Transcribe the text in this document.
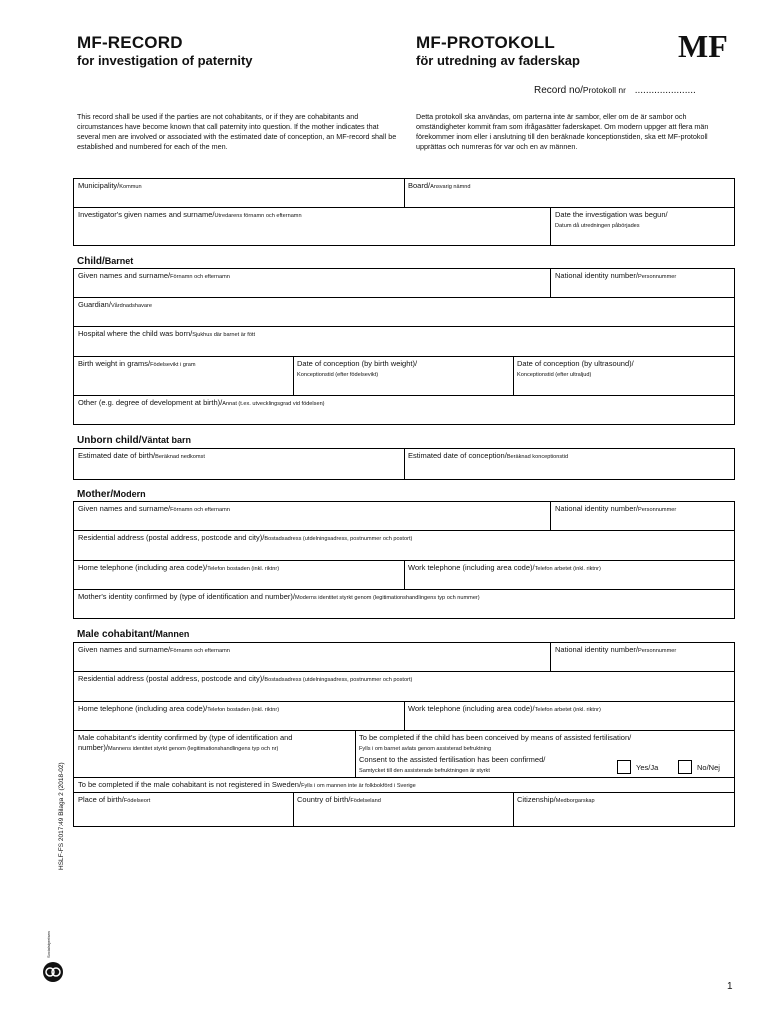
MF-RECORD
for investigation of paternity
MF-PROTOKOLL
för utredning av faderskap	MF
Record no/Protokoll nr ......................
This record shall be used if the parties are not cohabitants, or if they are cohabitants and circumstances have become known that call paternity into question. If the mother indicates that several men are involved or associated with the estimated date of conception, an MF-record shall be established and numbered for each of the men.
Detta protokoll ska användas, om parterna inte är sambor, eller om de är sambor och omständigheter kommit fram som ifrågasätter faderskapet. Om modern uppger att flera män förekommer inom eller i anslutning till den beräknade konceptionstiden, ska ett MF-protokoll upprättas och numreras för var och en av männen.
Municipality/Kommun	Board/Ansvarig nämnd
Investigator's given names and surname/Utredarens förnamn och efternamn	Date the investigation was begun/
Datum då utredningen påbörjades
Child/Barnet
Given names and surname/Förnamn och efternamn	National identity number/Personnummer
Guardian/Vårdnadshavare
Hospital where the child was born/Sjukhus där barnet är fött
Birth weight in grams/Födelsevikt i gram	Date of conception (by birth weight)/
Konceptionstid (efter födelsevikt)
Date of conception (by ultrasound)/
Konceptionstid (efter ultraljud)
Other (e.g. degree of development at birth)/Annat (t.ex. utvecklingsgrad vid födelsen)
Unborn child/Väntat barn
Estimated date of birth/Beräknad nedkomst	Estimated date of conception/Beräknad konceptionstid
Mother/Modern
Given names and surname/Förnamn och efternamn	National identity number/Personnummer
Residential address (postal address, postcode and city)/Bostadsadress (utdelningsadress, postnummer och postort)
Home telephone (including area code)/Telefon bostaden (inkl. riktnr)	Work telephone (including area code)/Telefon arbetet (inkl. riktnr)
Mother's identity confirmed by (type of identification and number)/Moderns identitet styrkt genom (legitimationshandlingens typ och nummer)
Male cohabitant/Mannen
Given names and surname/Förnamn och efternamn	National identity number/Personnummer
Residential address (postal address, postcode and city)/Bostadsadress (utdelningsadress, postnummer och postort)
Home telephone (including area code)/Telefon bostaden (inkl. riktnr)	Work telephone (including area code)/Telefon arbetet (inkl. riktnr)
Male cohabitant's identity confirmed by (type of identification and
number)/Mannens identitet styrkt genom (legitimationshandlingens typ och nr)
To be completed if the child has been conceived by means of assisted fertilisation/
Fylls i om barnet avlats genom assisterad befruktning
Consent to the assisted fertilisation has been confirmed/
Samtycket till den assisterade befruktningen är styrkt	Yes/Ja	No/Nej
To be completed if the male cohabitant is not registered in Sweden/Fylls i om mannen inte är folkbokförd i Sverige
Place of birth/Födelseort	Country of birth/Födelseland	Citizenship/Medborgarskap
HSLF-FS 2017:49 Bilaga 2 (2018-02)
Socialstyrelsen
1
